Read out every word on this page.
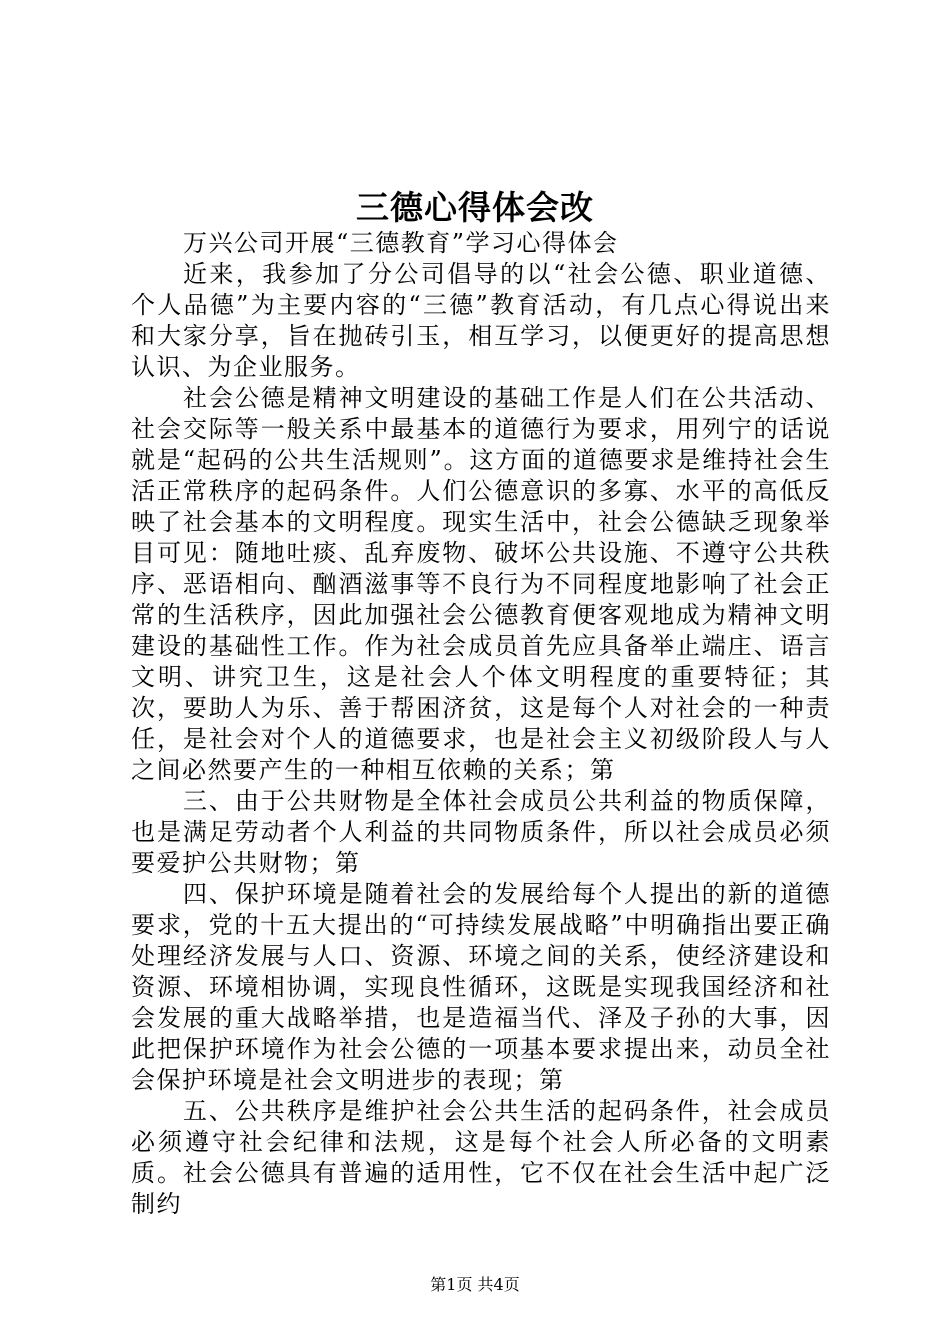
三德心得体会改

万兴公司开展“三德教育”学习心得体会

近来，我参加了分公司倡导的以“社会公德、职业道德、个人品德”为主要内容的“三德”教育活动，有几点心得说出来和大家分享，旨在抛砖引玉，相互学习，以便更好的提高思想认识、为企业服务。

社会公德是精神文明建设的基础工作是人们在公共活动、社会交际等一般关系中最基本的道德行为要求，用列宁的话说就是“起码的公共生活规则”。这方面的道德要求是维持社会生活正常秩序的起码条件。人们公德意识的多寡、水平的高低反映了社会基本的文明程度。现实生活中，社会公德缺乏现象举目可见：随地吐痰、乱弃废物、破坏公共设施、不遵守公共秩序、恶语相向、酗酒滋事等不良行为不同程度地影响了社会正常的生活秩序，因此加强社会公德教育便客观地成为精神文明建设的基础性工作。作为社会成员首先应具备举止端庄、语言文明、讲究卫生，这是社会人个体文明程度的重要特征；其次，要助人为乐、善于帮困济贫，这是每个人对社会的一种责任，是社会对个人的道德要求，也是社会主义初级阶段人与人之间必然要产生的一种相互依赖的关系；第

三、由于公共财物是全体社会成员公共利益的物质保障，也是满足劳动者个人利益的共同物质条件，所以社会成员必须要爱护公共财物；第

四、保护环境是随着社会的发展给每个人提出的新的道德要求，党的十五大提出的“可持续发展战略”中明确指出要正确处理经济发展与人口、资源、环境之间的关系，使经济建设和资源、环境相协调，实现良性循环，这既是实现我国经济和社会发展的重大战略举措，也是造福当代、泽及子孙的大事，因此把保护环境作为社会公德的一项基本要求提出来，动员全社会保护环境是社会文明进步的表现；第

五、公共秩序是维护社会公共生活的起码条件，社会成员必须遵守社会纪律和法规，这是每个社会人所必备的文明素质。社会公德具有普遍的适用性，它不仅在社会生活中起广泛制约

第1页 共4页
